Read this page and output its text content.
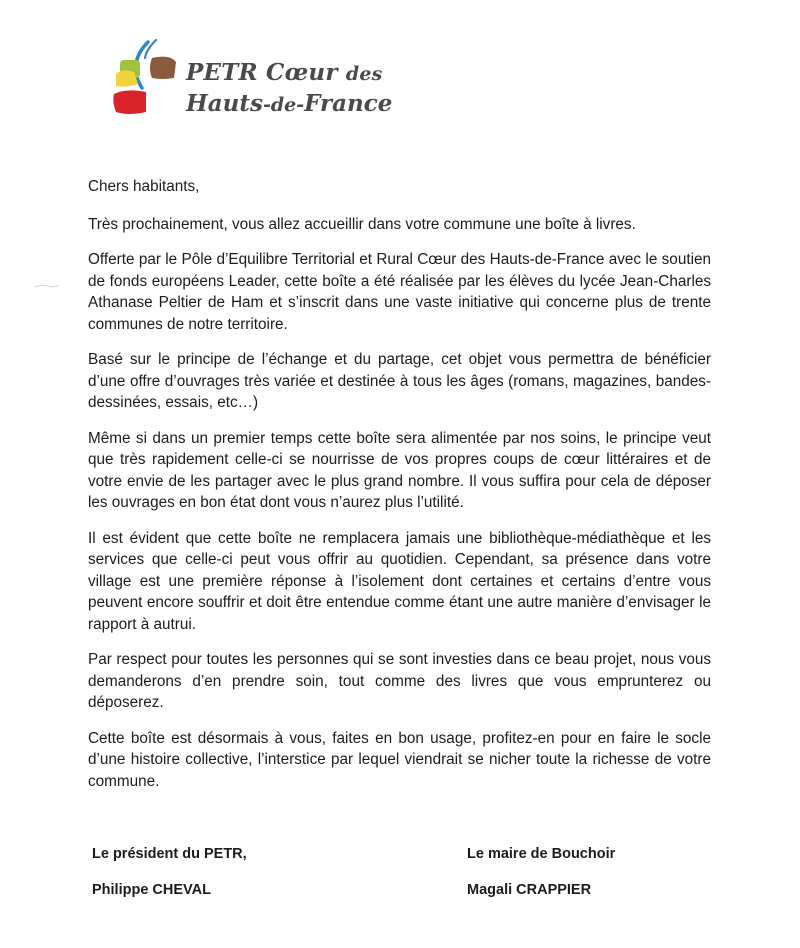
PETR Cœur des
Hauts-de-France

Chers habitants,

Très prochainement, vous allez accueillir dans votre commune une boîte à livres.

Offerte par le Pôle d’Equilibre Territorial et Rural Cœur des Hauts-de-France avec le soutien de fonds européens Leader, cette boîte a été réalisée par les élèves du lycée Jean-Charles Athanase Peltier de Ham et s’inscrit dans une vaste initiative qui concerne plus de trente communes de notre territoire.

Basé sur le principe de l’échange et du partage, cet objet vous permettra de bénéficier d’une offre d’ouvrages très variée et destinée à tous les âges (romans, magazines, bandes-dessinées, essais, etc…)

Même si dans un premier temps cette boîte sera alimentée par nos soins, le principe veut que très rapidement celle-ci se nourrisse de vos propres coups de cœur littéraires et de votre envie de les partager avec le plus grand nombre. Il vous suffira pour cela de déposer les ouvrages en bon état dont vous n’aurez plus l’utilité.

Il est évident que cette boîte ne remplacera jamais une bibliothèque-médiathèque et les services que celle-ci peut vous offrir au quotidien. Cependant, sa présence dans votre village est une première réponse à l’isolement dont certaines et certains d’entre vous peuvent encore souffrir et doit être entendue comme étant une autre manière d’envisager le rapport à autrui.

Par respect pour toutes les personnes qui se sont investies dans ce beau projet, nous vous demanderons d’en prendre soin, tout comme des livres que vous emprunterez ou déposerez.

Cette boîte est désormais à vous, faites en bon usage, profitez-en pour en faire le socle d’une histoire collective, l’interstice par lequel viendrait se nicher toute la richesse de votre commune.

Le président du PETR,
Philippe CHEVAL
Le maire de Bouchoir
Magali CRAPPIER
